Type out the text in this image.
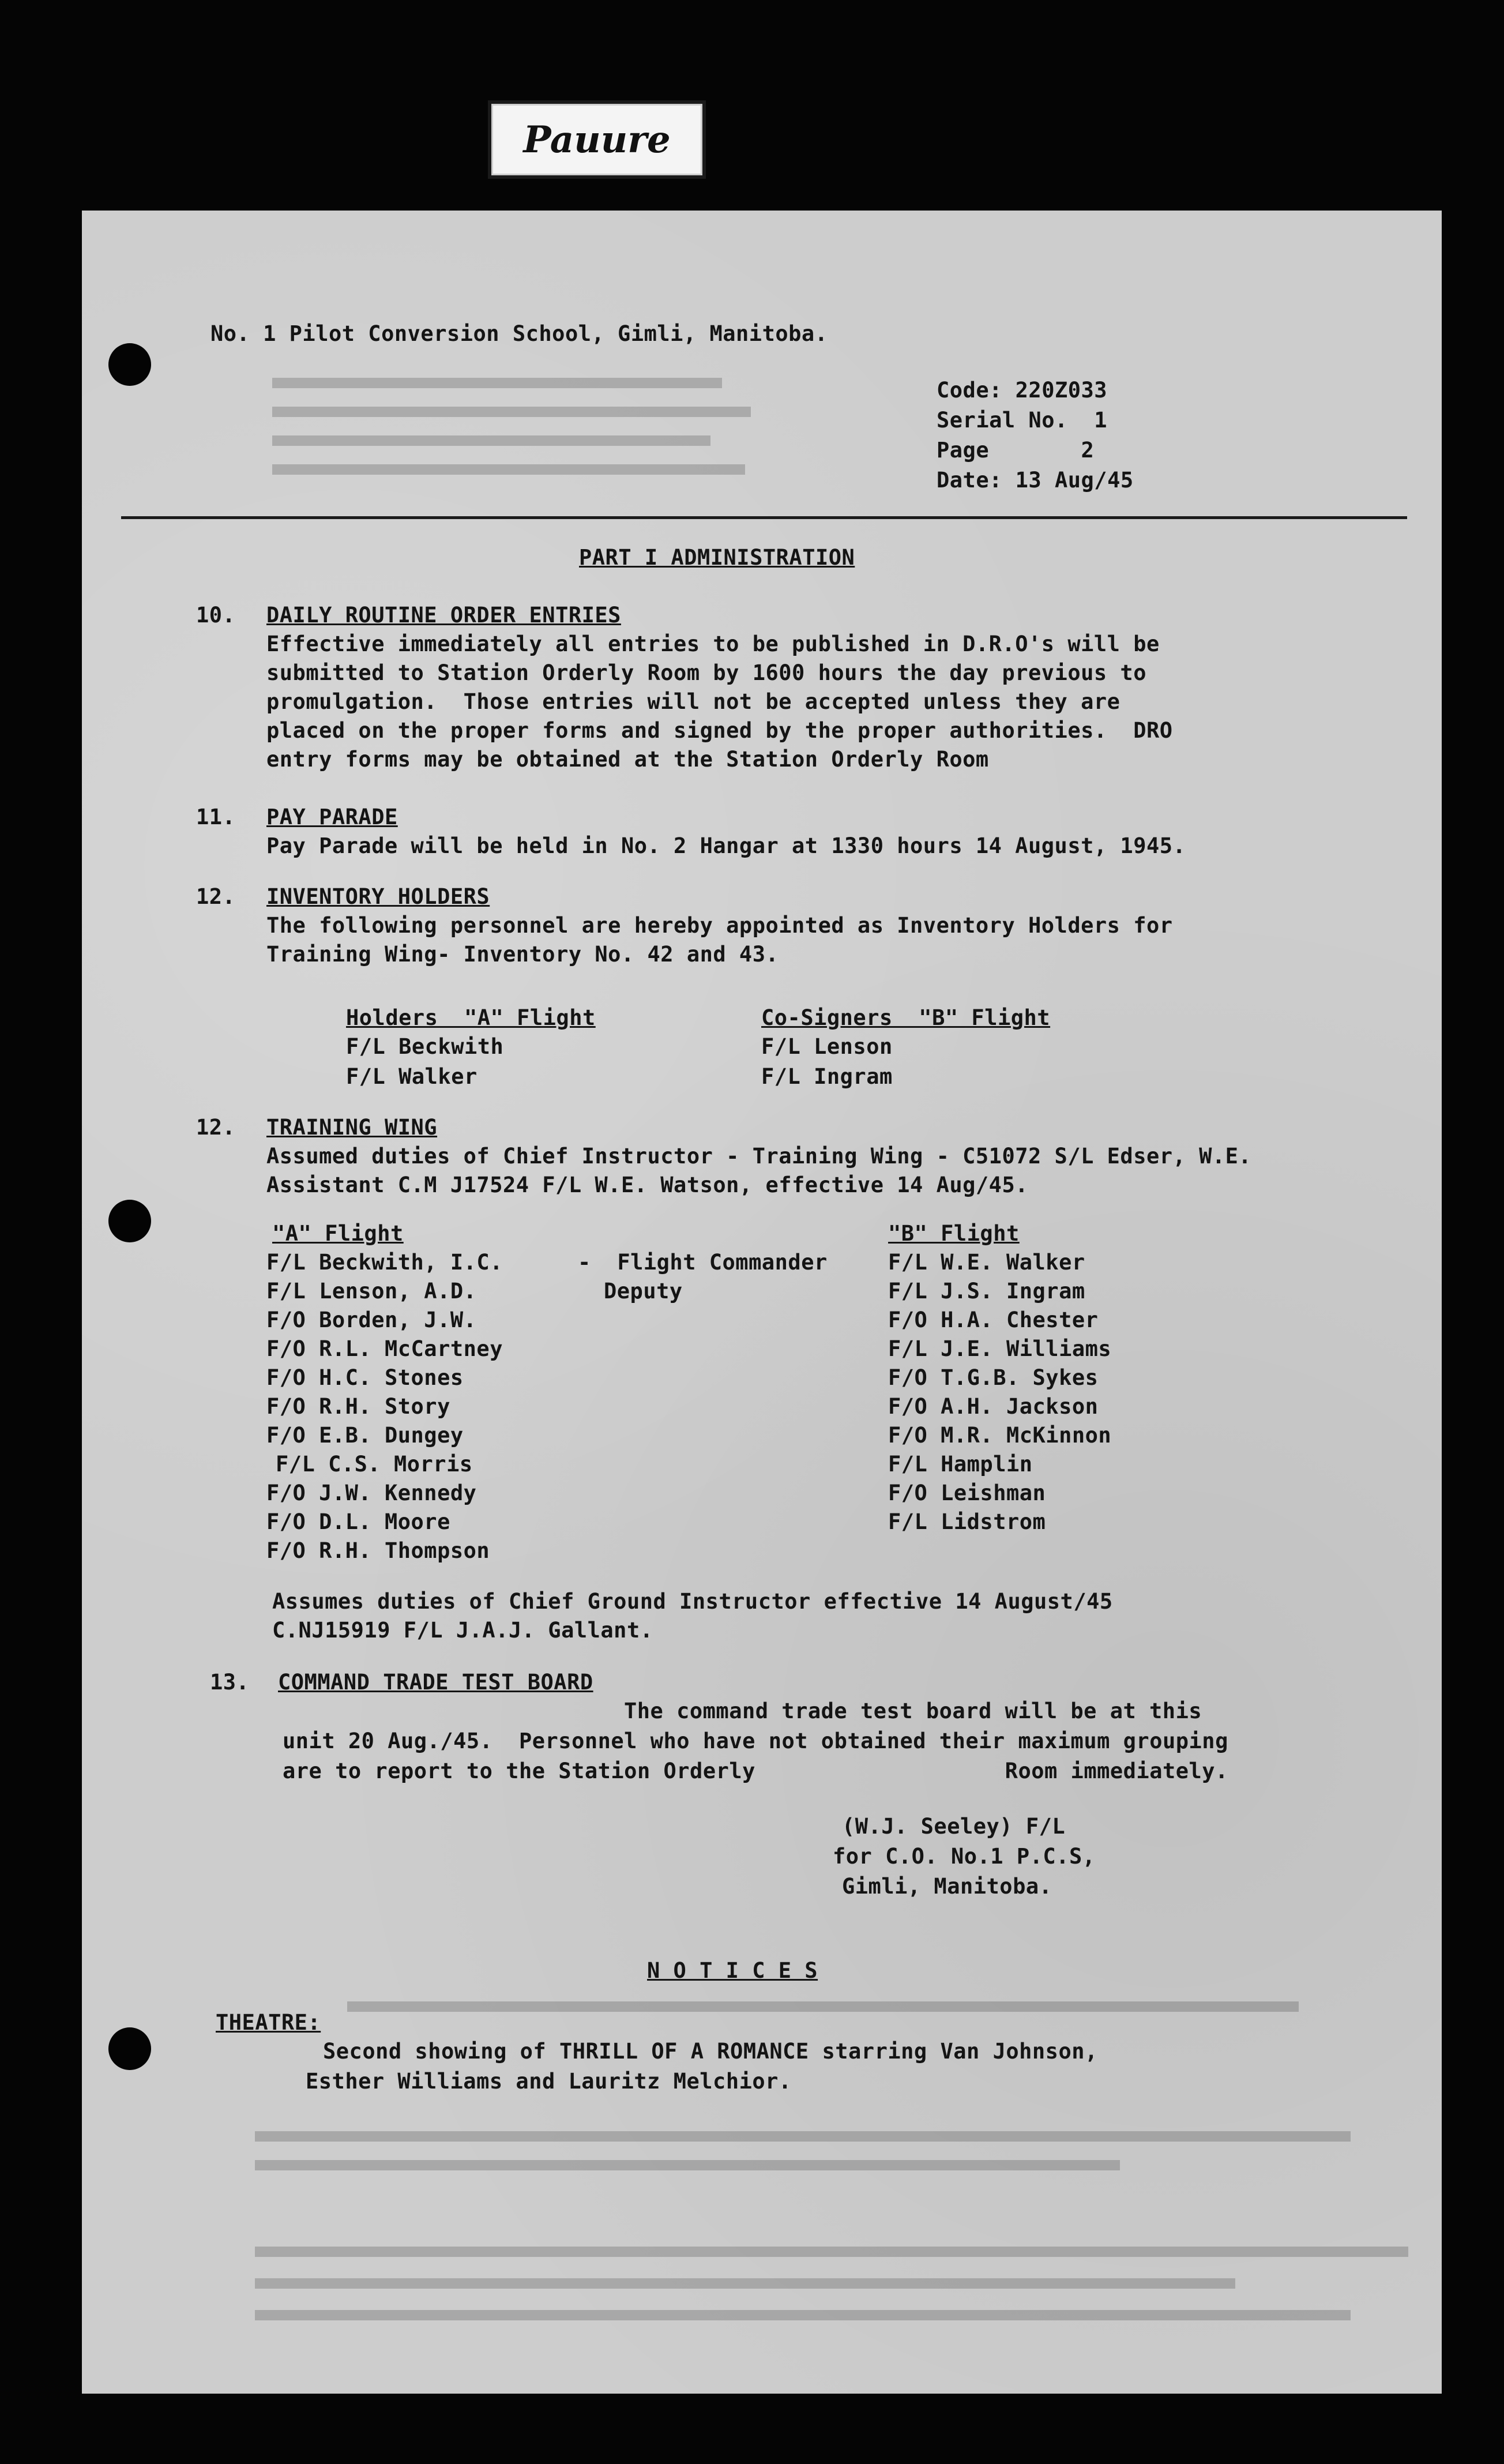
Pauure
No. 1 Pilot Conversion School, Gimli, Manitoba.
Code: 220Z033
Serial No.  1
Page       2
Date: 13 Aug/45
PART I ADMINISTRATION
10. DAILY ROUTINE ORDER ENTRIES
Effective immediately all entries to be published in D.R.O's will be
submitted to Station Orderly Room by 1600 hours the day previous to
promulgation.  Those entries will not be accepted unless they are
placed on the proper forms and signed by the proper authorities.  DRO
entry forms may be obtained at the Station Orderly Room
11. PAY PARADE
Pay Parade will be held in No. 2 Hangar at 1330 hours 14 August, 1945.
12. INVENTORY HOLDERS
The following personnel are hereby appointed as Inventory Holders for
Training Wing- Inventory No. 42 and 43.
Holders  "A" Flight
F/L Beckwith
F/L Walker
Co-Signers  "B" Flight
F/L Lenson
F/L Ingram
12. TRAINING WING
Assumed duties of Chief Instructor - Training Wing - C51072 S/L Edser, W.E.
Assistant C.M J17524 F/L W.E. Watson, effective 14 Aug/45.
"A" Flight
F/L Beckwith, I.C.
F/L Lenson, A.D.
F/O Borden, J.W.
F/O R.L. McCartney
F/O H.C. Stones
F/O R.H. Story
F/O E.B. Dungey
F/L C.S. Morris
F/O J.W. Kennedy
F/O D.L. Moore
F/O R.H. Thompson
-  Flight Commander
Deputy
"B" Flight
F/L W.E. Walker
F/L J.S. Ingram
F/O H.A. Chester
F/L J.E. Williams
F/O T.G.B. Sykes
F/O A.H. Jackson
F/O M.R. McKinnon
F/L Hamplin
F/O Leishman
F/L Lidstrom
Assumes duties of Chief Ground Instructor effective 14 August/45
C.NJ15919 F/L J.A.J. Gallant.
13. COMMAND TRADE TEST BOARD
The command trade test board will be at this
unit 20 Aug./45.  Personnel who have not obtained their maximum grouping
are to report to the Station Orderly                   Room immediately.
(W.J. Seeley) F/L
for C.O. No.1 P.C.S,
Gimli, Manitoba.
N O T I C E S
THEATRE:
Second showing of THRILL OF A ROMANCE starring Van Johnson,
Esther Williams and Lauritz Melchior.
